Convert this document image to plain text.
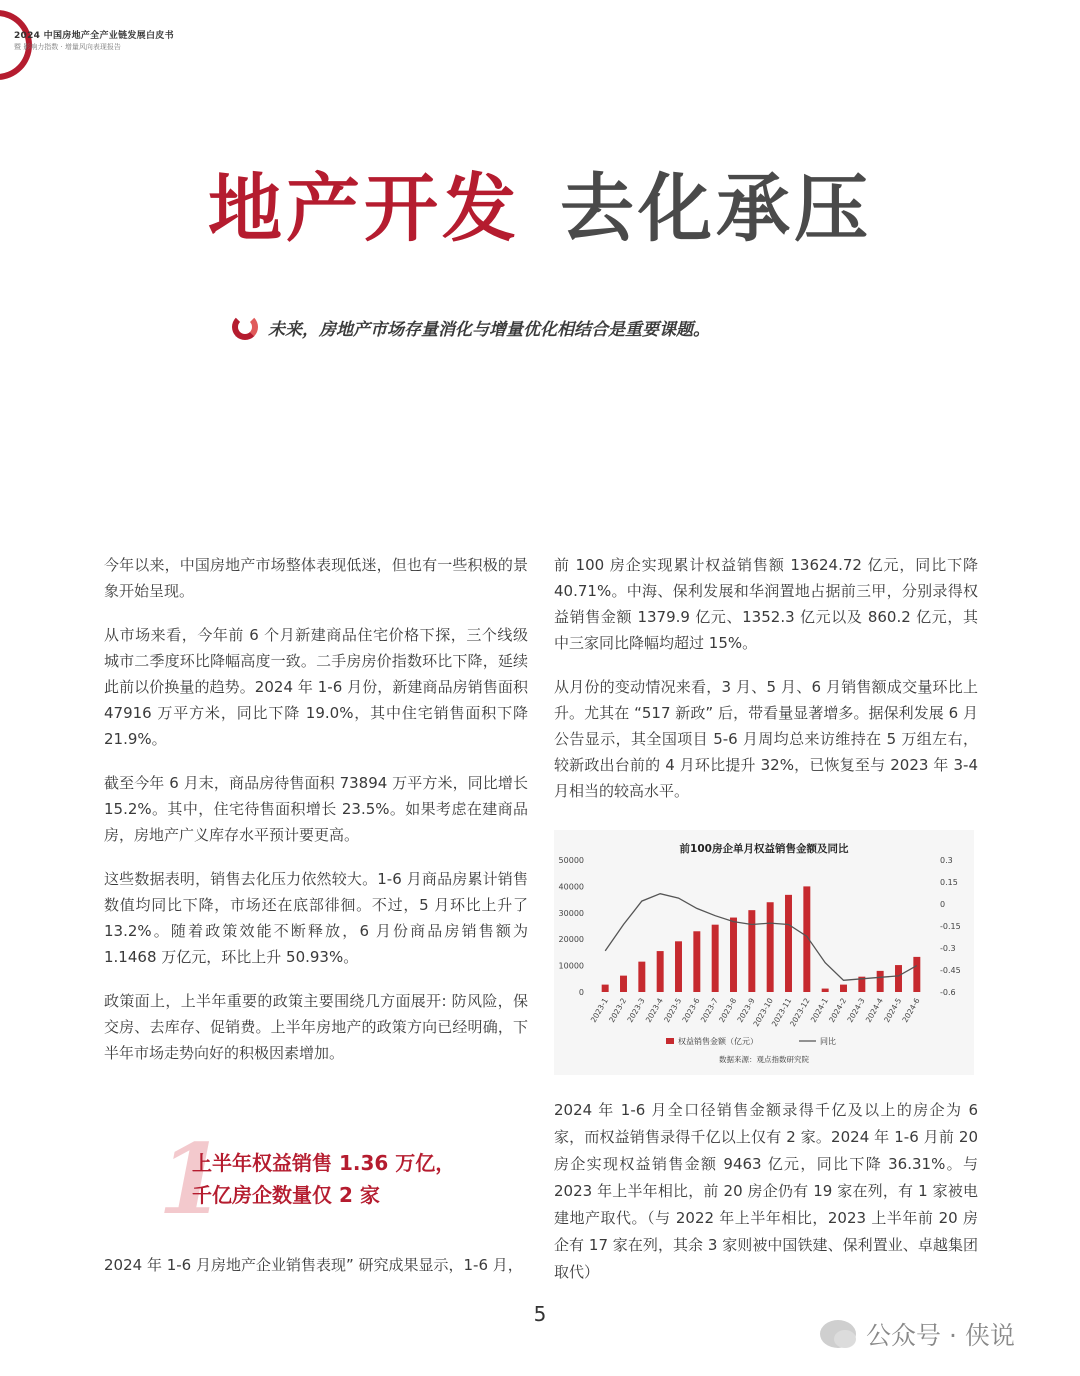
2024 中国房地产全产业链发展白皮书
暨 影响力指数 · 增量风向表现报告
地产开发 去化承压
未来，房地产市场存量消化与增量优化相结合是重要课题。

今年以来，中国房地产市场整体表现低迷，但也有一些积极的景象开始呈现。

从市场来看，今年前 6 个月新建商品住宅价格下探，三个线级城市二季度环比降幅高度一致。二手房房价指数环比下降，延续此前以价换量的趋势。2024 年 1-6 月份，新建商品房销售面积 47916 万平方米，同比下降 19.0%，其中住宅销售面积下降 21.9%。

截至今年 6 月末，商品房待售面积 73894 万平方米，同比增长 15.2%。其中，住宅待售面积增长 23.5%。如果考虑在建商品房，房地产广义库存水平预计要更高。

这些数据表明，销售去化压力依然较大。1-6 月商品房累计销售数值均同比下降，市场还在底部徘徊。不过，5 月环比上升了 13.2%。随着政策效能不断释放，6 月份商品房销售额为 1.1468 万亿元，环比上升 50.93%。

政策面上，上半年重要的政策主要围绕几方面展开: 防风险，保交房、去库存、促销费。上半年房地产的政策方向已经明确，下半年市场走势向好的积极因素增加。

1
上半年权益销售 1.36 万亿，
千亿房企数量仅 2 家
2024 年 1-6 月房地产企业销售表现” 研究成果显示，1-6 月，

前 100 房企实现累计权益销售额 13624.72 亿元，同比下降 40.71%。中海、保利发展和华润置地占据前三甲，分别录得权益销售金额 1379.9 亿元、1352.3 亿元以及 860.2 亿元，其中三家同比降幅均超过 15%。

从月份的变动情况来看，3 月、5 月、6 月销售额成交量环比上升。尤其在 “517 新政” 后，带看量显著增多。据保利发展 6 月公告显示，其全国项目 5-6 月周均总来访维持在 5 万组左右，较新政出台前的 4 月环比提升 32%，已恢复至与 2023 年 3-4 月相当的较高水平。

前100房企单月权益销售金额及同比
0
10000
20000
30000
40000
50000	0.3
0.15
0
-0.15
-0.3
-0.45
-0.6
2023-1
2023-2
2023-3
2023-4
2023-5
2023-6
2023-7
2023-8
2023-9
2023-10
2023-11
2023-12
2024-1
2024-2
2024-3
2024-4
2024-5
2024-6
权益销售金额（亿元）	同比
数据来源：观点指数研究院
2024 年 1-6 月全口径销售金额录得千亿及以上的房企为 6 家，而权益销售录得千亿以上仅有 2 家。2024 年 1-6 月前 20 房企实现权益销售金额 9463 亿元，同比下降 36.31%。与 2023 年上半年相比，前 20 房企仍有 19 家在列，有 1 家被电建地产取代。（与 2022 年上半年相比，2023 上半年前 20 房企有 17 家在列，其余 3 家则被中国铁建、保利置业、卓越集团取代）
5
公众号 · 侠说
